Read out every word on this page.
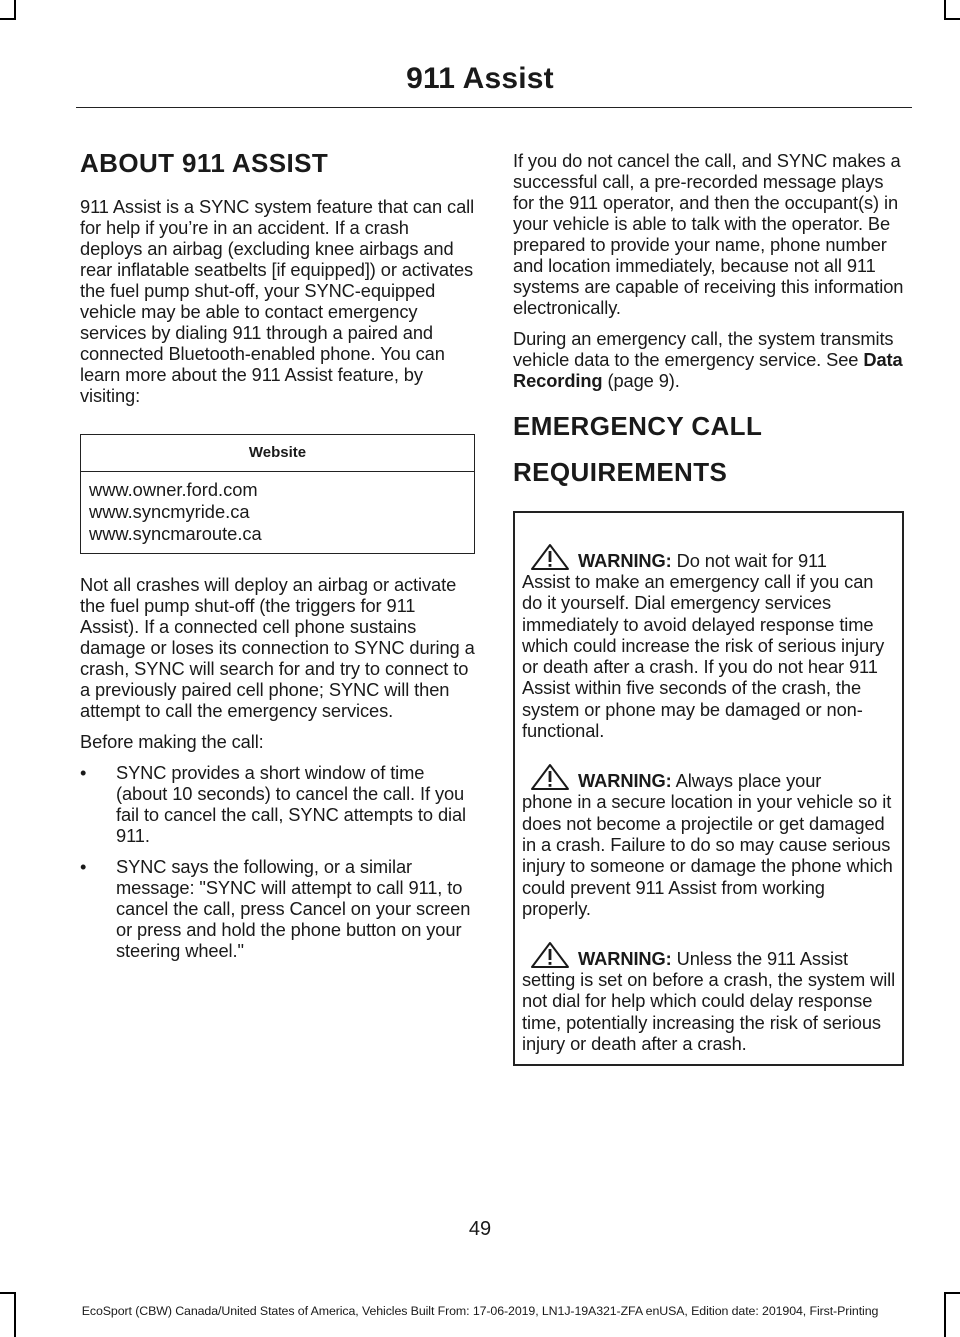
911 Assist
ABOUT 911 ASSIST

911 Assist is a SYNC system feature that can call for help if you’re in an accident. If a crash deploys an airbag (excluding knee airbags and rear inflatable seatbelts [if equipped]) or activates the fuel pump shut-off, your SYNC-equipped vehicle may be able to contact emergency services by dialing 911 through a paired and connected Bluetooth-enabled phone. You can learn more about the 911 Assist feature, by visiting:

Website
www.owner.ford.com
www.syncmyride.ca
www.syncmaroute.ca

Not all crashes will deploy an airbag or activate the fuel pump shut-off (the triggers for 911 Assist). If a connected cell phone sustains damage or loses its connection to SYNC during a crash, SYNC will search for and try to connect to a previously paired cell phone; SYNC will then attempt to call the emergency services.

Before making the call:

•	SYNC provides a short window of time (about 10 seconds) to cancel the call. If you fail to cancel the call, SYNC attempts to dial 911.
•	SYNC says the following, or a similar message: "SYNC will attempt to call 911, to cancel the call, press Cancel on your screen or press and hold the phone button on your steering wheel."

If you do not cancel the call, and SYNC makes a successful call, a pre-recorded message plays for the 911 operator, and then the occupant(s) in your vehicle is able to talk with the operator. Be prepared to provide your name, phone number and location immediately, because not all 911 systems are capable of receiving this information electronically.

During an emergency call, the system transmits vehicle data to the emergency service. See Data Recording (page 9).

EMERGENCY CALL
REQUIREMENTS
WARNING: Do not wait for 911
Assist to make an emergency call if you can do it yourself. Dial emergency services immediately to avoid delayed response time which could increase the risk of serious injury or death after a crash. If you do not hear 911 Assist within five seconds of the crash, the system or phone may be damaged or non-functional.
WARNING: Always place your
phone in a secure location in your vehicle so it does not become a projectile or get damaged in a crash. Failure to do so may cause serious injury to someone or damage the phone which could prevent 911 Assist from working properly.
WARNING: Unless the 911 Assist
setting is set on before a crash, the system will not dial for help which could delay response time, potentially increasing the risk of serious injury or death after a crash.
49
EcoSport (CBW) Canada/United States of America, Vehicles Built From: 17-06-2019, LN1J-19A321-ZFA enUSA, Edition date: 201904, First-Printing
